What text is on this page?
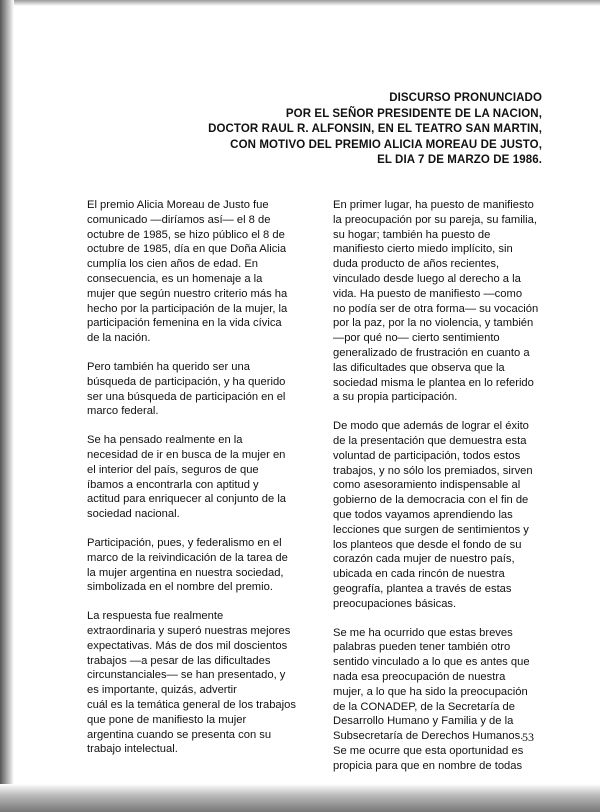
DISCURSO PRONUNCIADO
POR EL SEÑOR PRESIDENTE DE LA NACION,
DOCTOR RAUL R. ALFONSIN, EN EL TEATRO SAN MARTIN,
CON MOTIVO DEL PREMIO ALICIA MOREAU DE JUSTO,
EL DIA 7 DE MARZO DE 1986.

El premio Alicia Moreau de Justo fue
comunicado —diríamos así— el 8 de
octubre de 1985, se hizo público el 8 de
octubre de 1985, día en que Doña Alicia
cumplía los cien años de edad. En
consecuencia, es un homenaje a la
mujer que según nuestro criterio más ha
hecho por la participación de la mujer, la
participación femenina en la vida cívica
de la nación.

Pero también ha querido ser una
búsqueda de participación, y ha querido
ser una búsqueda de participación en el
marco federal.

Se ha pensado realmente en la
necesidad de ir en busca de la mujer en
el interior del país, seguros de que
íbamos a encontrarla con aptitud y
actitud para enriquecer al conjunto de la
sociedad nacional.

Participación, pues, y federalismo en el
marco de la reivindicación de la tarea de
la mujer argentina en nuestra sociedad,
simbolizada en el nombre del premio.

La respuesta fue realmente
extraordinaria y superó nuestras mejores
expectativas. Más de dos mil doscientos
trabajos —a pesar de las dificultades
circunstanciales— se han presentado, y
es importante, quizás, advertir
cuál es la temática general de los trabajos
que pone de manifiesto la mujer
argentina cuando se presenta con su
trabajo intelectual.

En primer lugar, ha puesto de manifiesto
la preocupación por su pareja, su familia,
su hogar; también ha puesto de
manifiesto cierto miedo implícito, sin
duda producto de años recientes,
vinculado desde luego al derecho a la
vida. Ha puesto de manifiesto —como
no podía ser de otra forma— su vocación
por la paz, por la no violencia, y también
—por qué no— cierto sentimiento
generalizado de frustración en cuanto a
las dificultades que observa que la
sociedad misma le plantea en lo referido
a su propia participación.

De modo que además de lograr el éxito
de la presentación que demuestra esta
voluntad de participación, todos estos
trabajos, y no sólo los premiados, sirven
como asesoramiento indispensable al
gobierno de la democracia con el fin de
que todos vayamos aprendiendo las
lecciones que surgen de sentimientos y
los planteos que desde el fondo de su
corazón cada mujer de nuestro país,
ubicada en cada rincón de nuestra
geografía, plantea a través de estas
preocupaciones básicas.

Se me ha ocurrido que estas breves
palabras pueden tener también otro
sentido vinculado a lo que es antes que
nada esa preocupación de nuestra
mujer, a lo que ha sido la preocupación
de la CONADEP, de la Secretaría de
Desarrollo Humano y Familia y de la
Subsecretaría de Derechos Humanos.
Se me ocurre que esta oportunidad es
propicia para que en nombre de todas

53
